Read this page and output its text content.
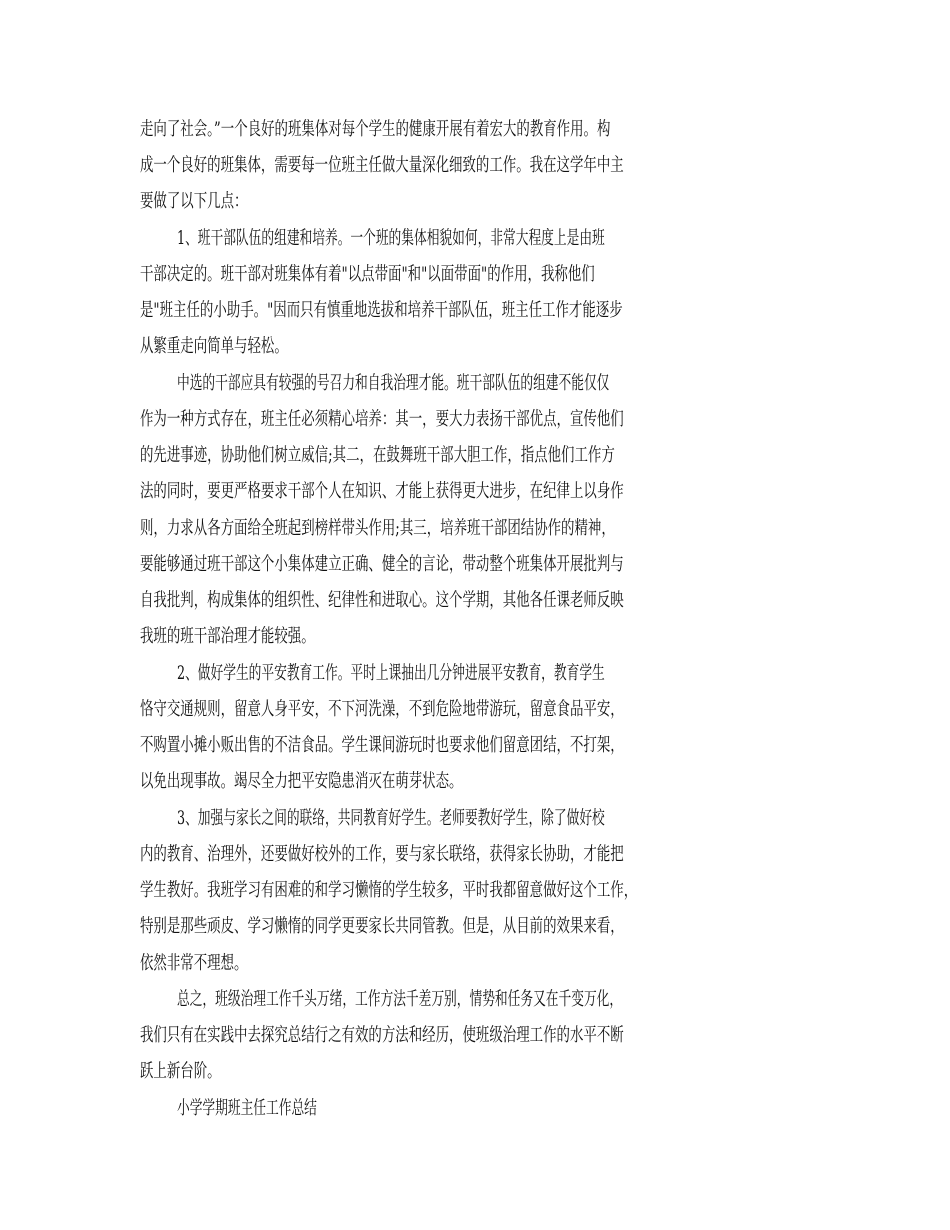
走向了社会。”一个良好的班集体对每个学生的健康开展有着宏大的教育作用。构
成一个良好的班集体，需要每一位班主任做大量深化细致的工作。我在这学年中主
要做了以下几点：
1、班干部队伍的组建和培养。一个班的集体相貌如何，非常大程度上是由班
干部决定的。班干部对班集体有着"以点带面"和"以面带面"的作用，我称他们
是"班主任的小助手。"因而只有慎重地选拔和培养干部队伍，班主任工作才能逐步
从繁重走向简单与轻松。
中选的干部应具有较强的号召力和自我治理才能。班干部队伍的组建不能仅仅
作为一种方式存在，班主任必须精心培养：其一，要大力表扬干部优点，宣传他们
的先进事迹，协助他们树立威信;其二，在鼓舞班干部大胆工作，指点他们工作方
法的同时，要更严格要求干部个人在知识、才能上获得更大进步，在纪律上以身作
则，力求从各方面给全班起到榜样带头作用;其三，培养班干部团结协作的精神，
要能够通过班干部这个小集体建立正确、健全的言论，带动整个班集体开展批判与
自我批判，构成集体的组织性、纪律性和进取心。这个学期，其他各任课老师反映
我班的班干部治理才能较强。
2、做好学生的平安教育工作。平时上课抽出几分钟进展平安教育，教育学生
恪守交通规则，留意人身平安，不下河洗澡，不到危险地带游玩，留意食品平安，
不购置小摊小贩出售的不洁食品。学生课间游玩时也要求他们留意团结，不打架，
以免出现事故。竭尽全力把平安隐患消灭在萌芽状态。
3、加强与家长之间的联络，共同教育好学生。老师要教好学生，除了做好校
内的教育、治理外，还要做好校外的工作，要与家长联络，获得家长协助，才能把
学生教好。我班学习有困难的和学习懒惰的学生较多，平时我都留意做好这个工作，
特别是那些顽皮、学习懒惰的同学更要家长共同管教。但是，从目前的效果来看，
依然非常不理想。
总之，班级治理工作千头万绪，工作方法千差万别，情势和任务又在千变万化，
我们只有在实践中去探究总结行之有效的方法和经历，使班级治理工作的水平不断
跃上新台阶。
小学学期班主任工作总结
